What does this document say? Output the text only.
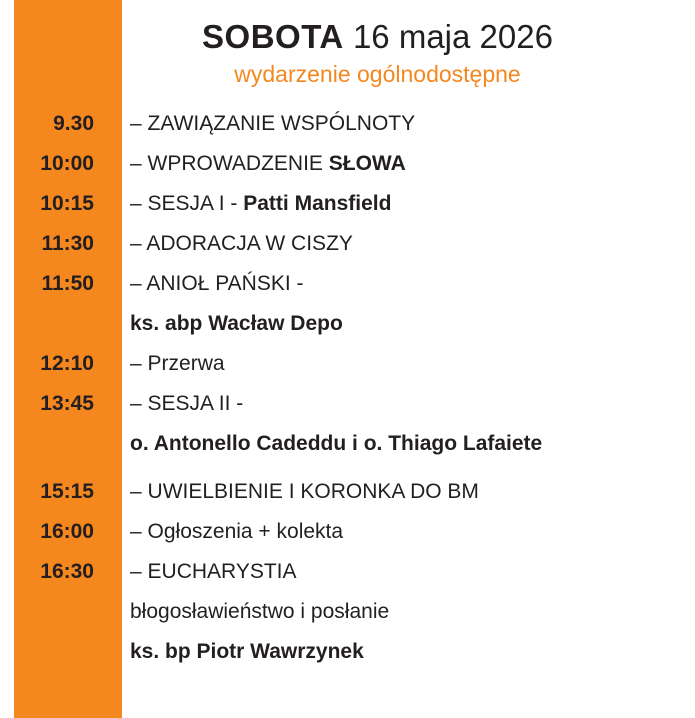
SOBOTA 16 maja 2026
wydarzenie ogólnodostępne
9.30	– ZAWIĄZANIE WSPÓLNOTY
10:00	– WPROWADZENIE SŁOWA
10:15	– SESJA I - Patti Mansfield
11:30	– ADORACJA W CISZY
11:50	– ANIOŁ PAŃSKI -
ks. abp Wacław Depo
12:10	– Przerwa
13:45	– SESJA II -
o. Antonello Cadeddu i o. Thiago Lafaiete
15:15	– UWIELBIENIE I KORONKA DO BM
16:00	– Ogłoszenia + kolekta
16:30	– EUCHARYSTIA
błogosławieństwo i posłanie
ks. bp Piotr Wawrzynek
